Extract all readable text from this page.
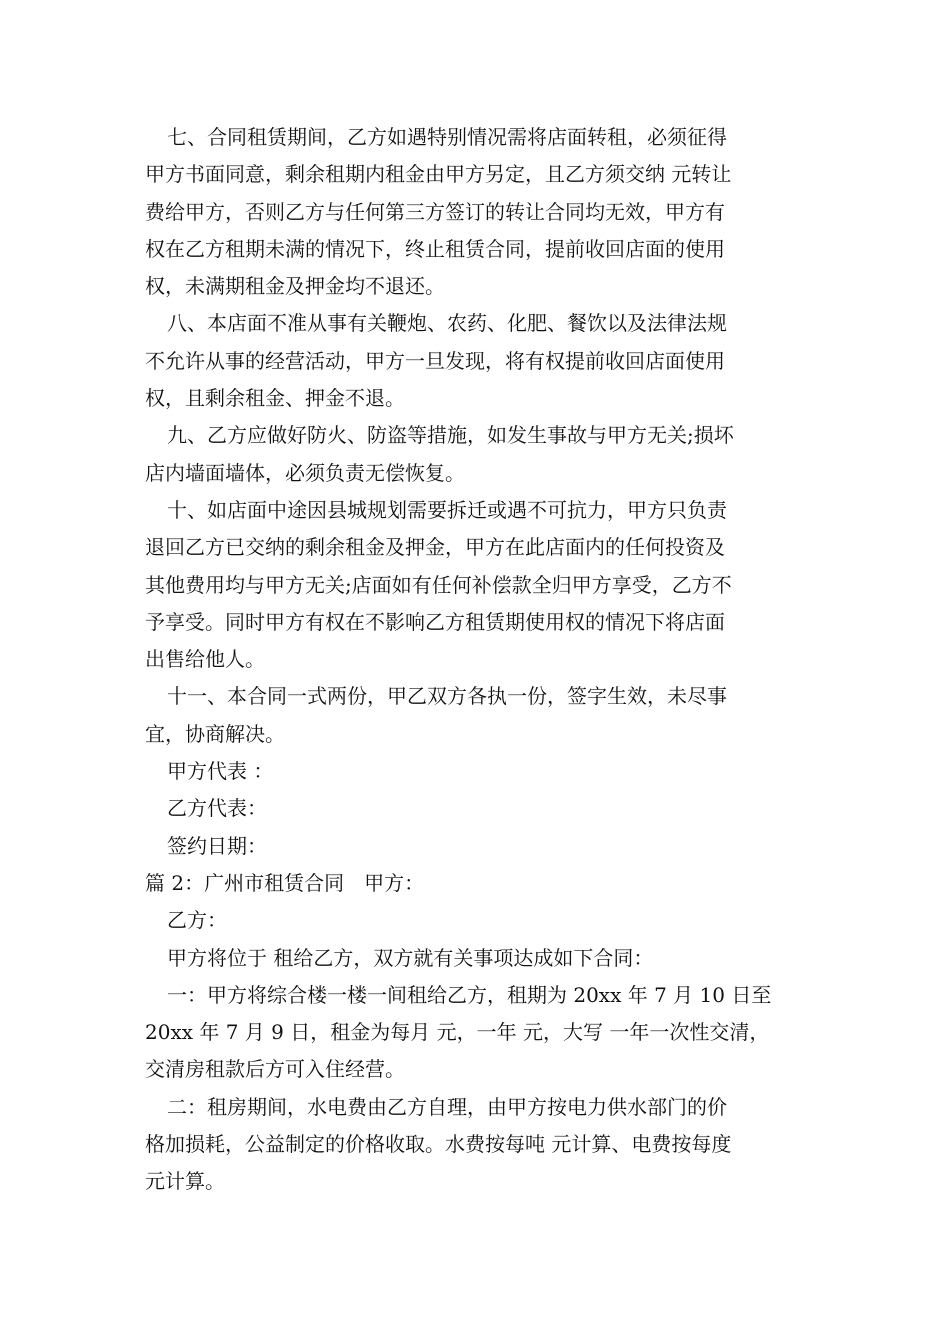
七、合同租赁期间，乙方如遇特别情况需将店面转租，必须征得
甲方书面同意，剩余租期内租金由甲方另定，且乙方须交纳 元转让
费给甲方，否则乙方与任何第三方签订的转让合同均无效，甲方有
权在乙方租期未满的情况下，终止租赁合同，提前收回店面的使用
权，未满期租金及押金均不退还。
八、本店面不准从事有关鞭炮、农药、化肥、餐饮以及法律法规
不允许从事的经营活动，甲方一旦发现，将有权提前收回店面使用
权，且剩余租金、押金不退。
九、乙方应做好防火、防盗等措施，如发生事故与甲方无关;损坏
店内墙面墙体，必须负责无偿恢复。
十、如店面中途因县城规划需要拆迁或遇不可抗力，甲方只负责
退回乙方已交纳的剩余租金及押金，甲方在此店面内的任何投资及
其他费用均与甲方无关;店面如有任何补偿款全归甲方享受，乙方不
予享受。同时甲方有权在不影响乙方租赁期使用权的情况下将店面
出售给他人。
十一、本合同一式两份，甲乙双方各执一份，签字生效，未尽事
宜，协商解决。
甲方代表 ：
乙方代表：
签约日期：
篇 2：广州市租赁合同　甲方：
乙方：
甲方将位于 租给乙方，双方就有关事项达成如下合同：
一：甲方将综合楼一楼一间租给乙方，租期为 20xx 年 7 月 10 日至
20xx 年 7 月 9 日，租金为每月 元，一年 元，大写 一年一次性交清，
交清房租款后方可入住经营。
二：租房期间，水电费由乙方自理，由甲方按电力供水部门的价
格加损耗，公益制定的价格收取。水费按每吨 元计算、电费按每度
元计算。
